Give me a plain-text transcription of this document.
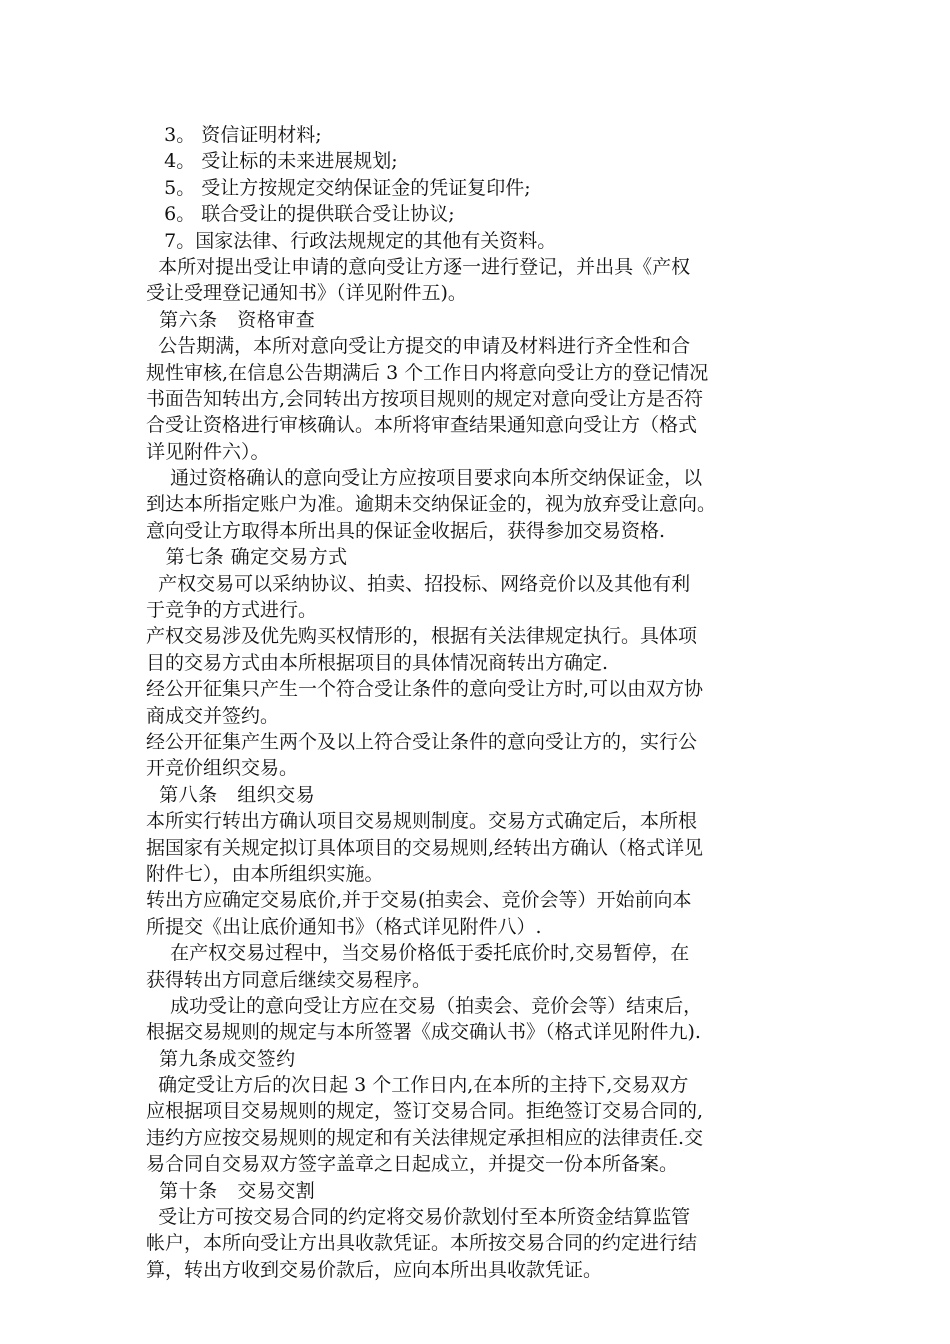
3。 资信证明材料;
4。 受让标的未来进展规划;
5。 受让方按规定交纳保证金的凭证复印件;
6。 联合受让的提供联合受让协议;
7。国家法律、行政法规规定的其他有关资料。
本所对提出受让申请的意向受让方逐一进行登记，并出具《产权
受让受理登记通知书》（详见附件五)。
第六条   资格审查
公告期满，本所对意向受让方提交的申请及材料进行齐全性和合
规性审核,在信息公告期满后 3 个工作日内将意向受让方的登记情况
书面告知转出方,会同转出方按项目规则的规定对意向受让方是否符
合受让资格进行审核确认。本所将审查结果通知意向受让方（格式
详见附件六）。
通过资格确认的意向受让方应按项目要求向本所交纳保证金，以
到达本所指定账户为准。逾期未交纳保证金的，视为放弃受让意向。
意向受让方取得本所出具的保证金收据后，获得参加交易资格.
第七条 确定交易方式
产权交易可以采纳协议、拍卖、招投标、网络竞价以及其他有利
于竞争的方式进行。
产权交易涉及优先购买权情形的，根据有关法律规定执行。具体项
目的交易方式由本所根据项目的具体情况商转出方确定.
经公开征集只产生一个符合受让条件的意向受让方时,可以由双方协
商成交并签约。
经公开征集产生两个及以上符合受让条件的意向受让方的，实行公
开竞价组织交易。
第八条   组织交易
本所实行转出方确认项目交易规则制度。交易方式确定后，本所根
据国家有关规定拟订具体项目的交易规则,经转出方确认（格式详见
附件七），由本所组织实施。
转出方应确定交易底价,并于交易(拍卖会、竞价会等）开始前向本
所提交《出让底价通知书》（格式详见附件八）.
在产权交易过程中，当交易价格低于委托底价时,交易暂停，在
获得转出方同意后继续交易程序。
成功受让的意向受让方应在交易（拍卖会、竞价会等）结束后，
根据交易规则的规定与本所签署《成交确认书》（格式详见附件九).
第九条成交签约
确定受让方后的次日起 3 个工作日内,在本所的主持下,交易双方
应根据项目交易规则的规定，签订交易合同。拒绝签订交易合同的,
违约方应按交易规则的规定和有关法律规定承担相应的法律责任.交
易合同自交易双方签字盖章之日起成立，并提交一份本所备案。
第十条   交易交割
受让方可按交易合同的约定将交易价款划付至本所资金结算监管
帐户，本所向受让方出具收款凭证。本所按交易合同的约定进行结
算，转出方收到交易价款后，应向本所出具收款凭证。
